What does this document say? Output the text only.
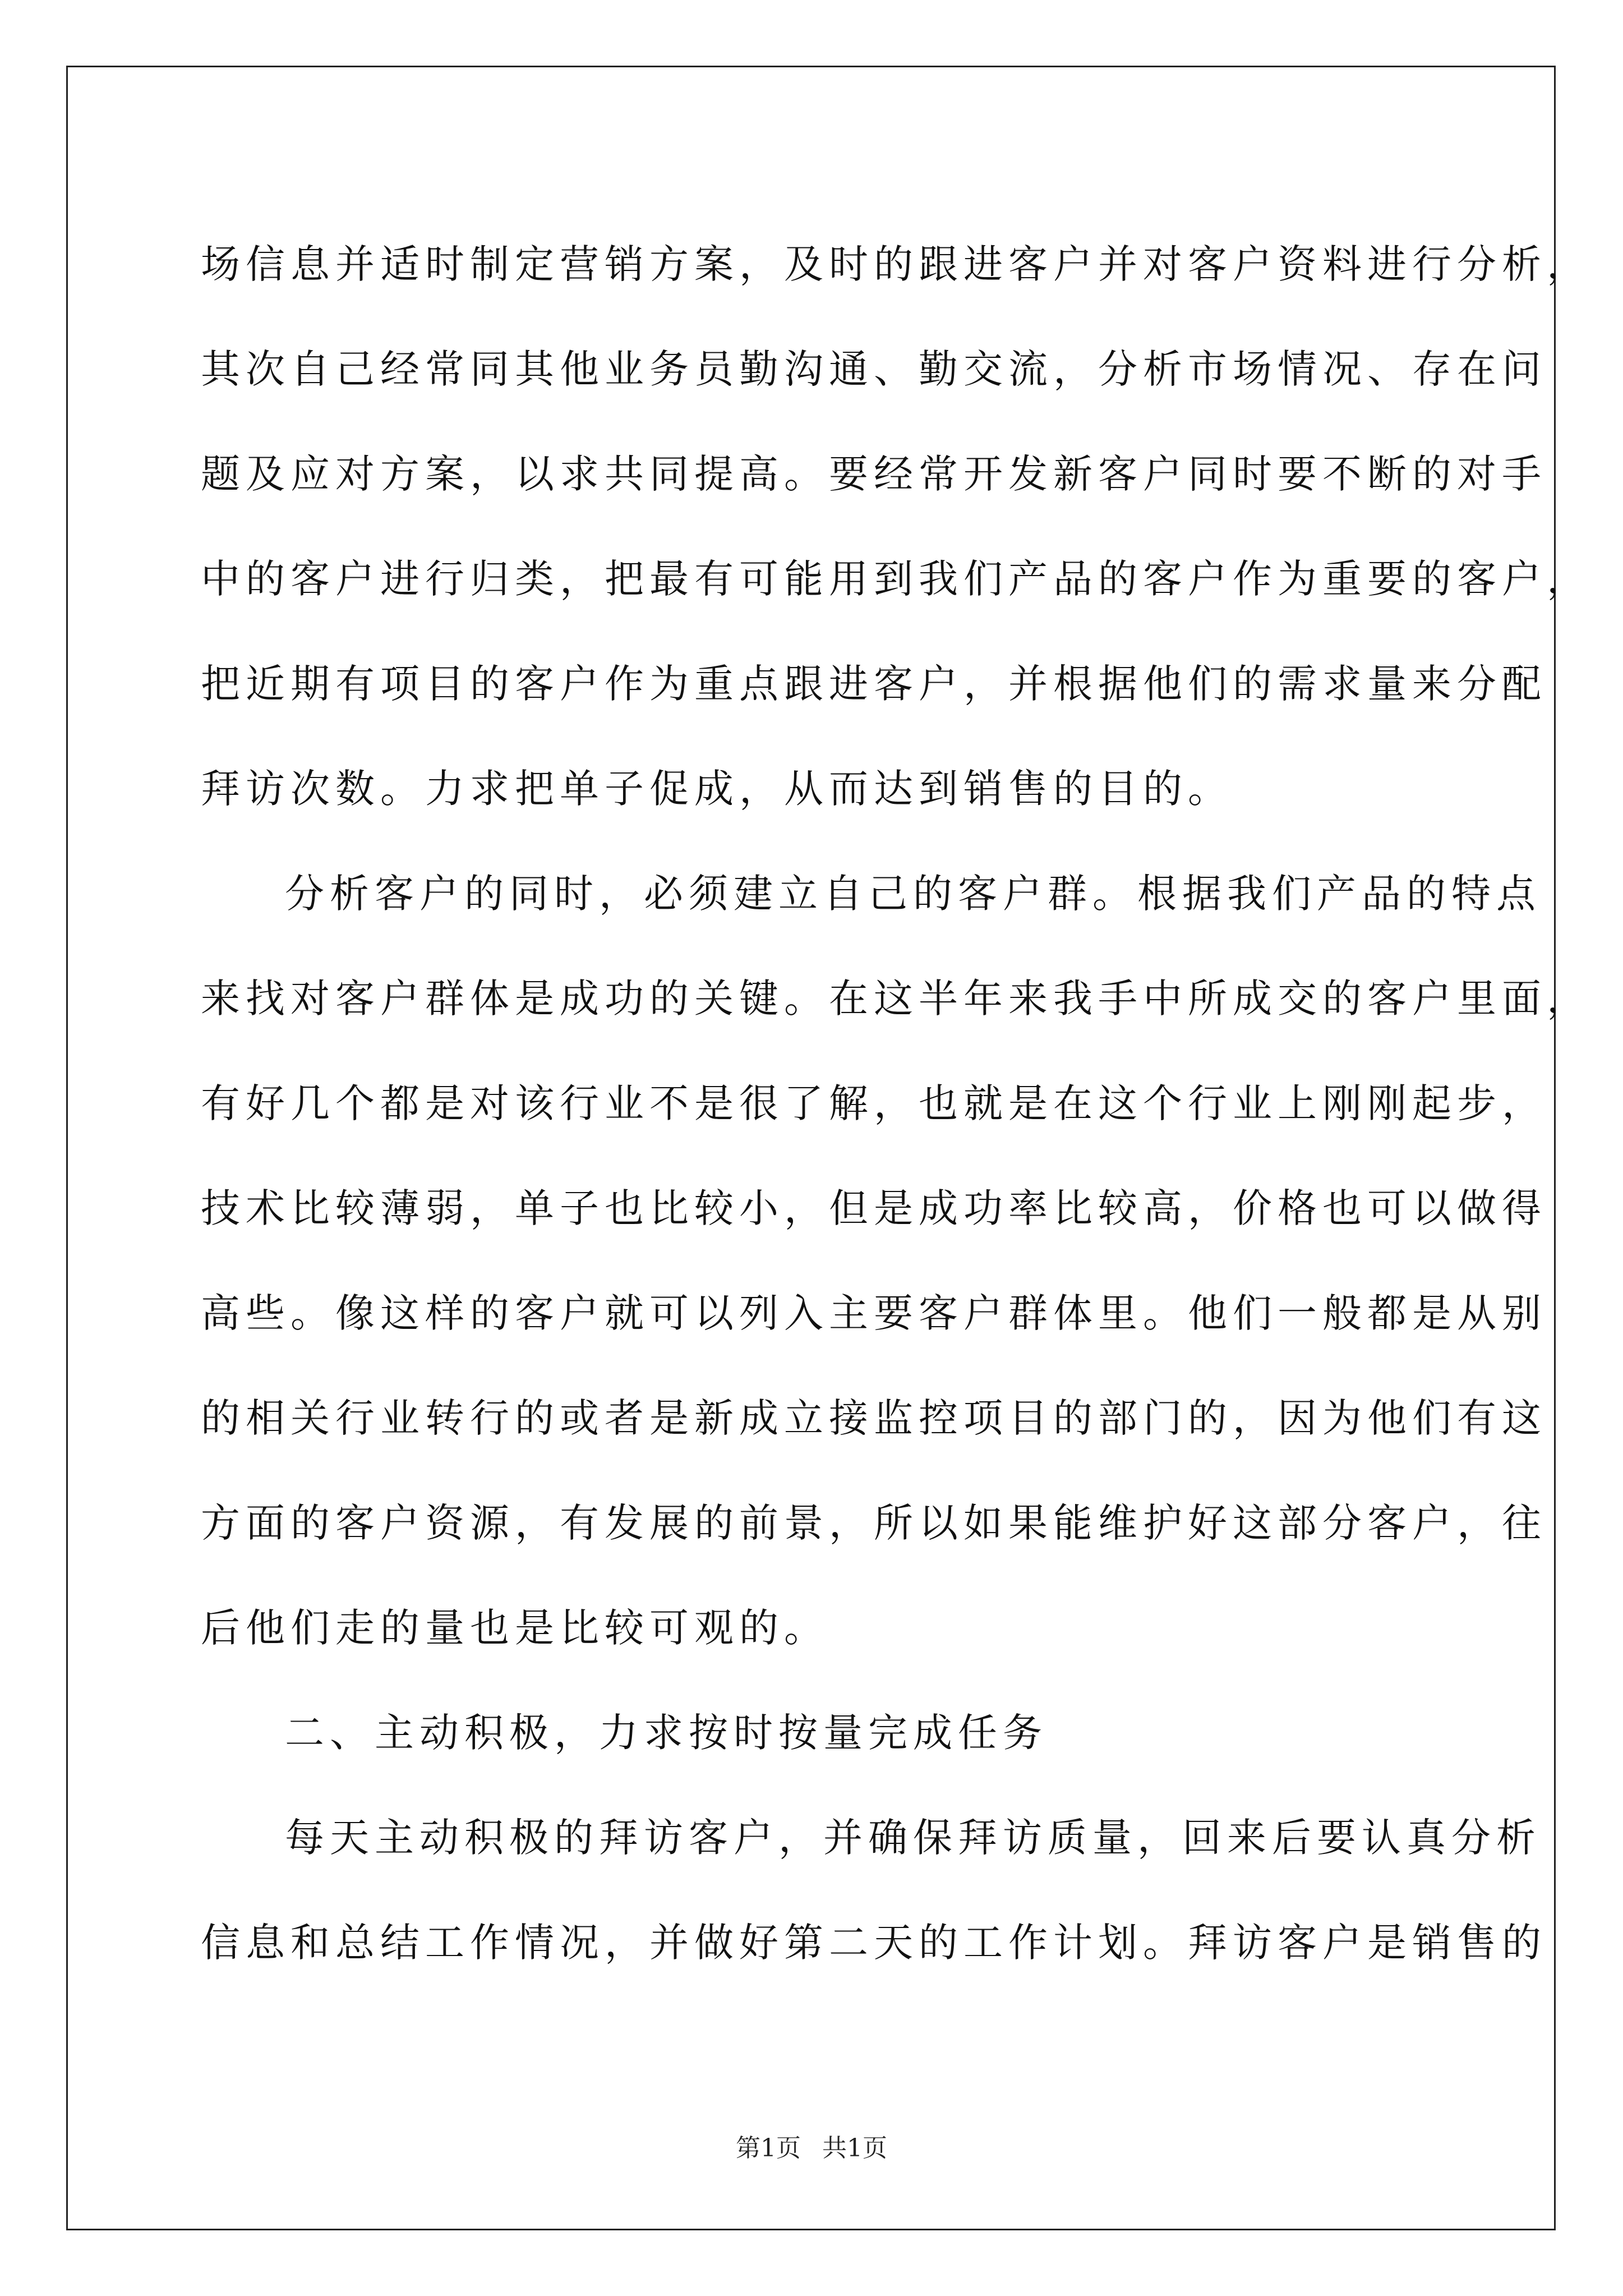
场信息并适时制定营销方案，及时的跟进客户并对客户资料进行分析，
其次自己经常同其他业务员勤沟通、勤交流，分析市场情况、存在问
题及应对方案，以求共同提高。要经常开发新客户同时要不断的对手
中的客户进行归类，把最有可能用到我们产品的客户作为重要的客户，
把近期有项目的客户作为重点跟进客户，并根据他们的需求量来分配
拜访次数。力求把单子促成，从而达到销售的目的。
分析客户的同时，必须建立自己的客户群。根据我们产品的特点
来找对客户群体是成功的关键。在这半年来我手中所成交的客户里面，
有好几个都是对该行业不是很了解，也就是在这个行业上刚刚起步，
技术比较薄弱，单子也比较小，但是成功率比较高，价格也可以做得
高些。像这样的客户就可以列入主要客户群体里。他们一般都是从别
的相关行业转行的或者是新成立接监控项目的部门的，因为他们有这
方面的客户资源，有发展的前景，所以如果能维护好这部分客户，往
后他们走的量也是比较可观的。
二、主动积极，力求按时按量完成任务
每天主动积极的拜访客户，并确保拜访质量，回来后要认真分析
信息和总结工作情况，并做好第二天的工作计划。拜访客户是销售的
第1页 共1页
